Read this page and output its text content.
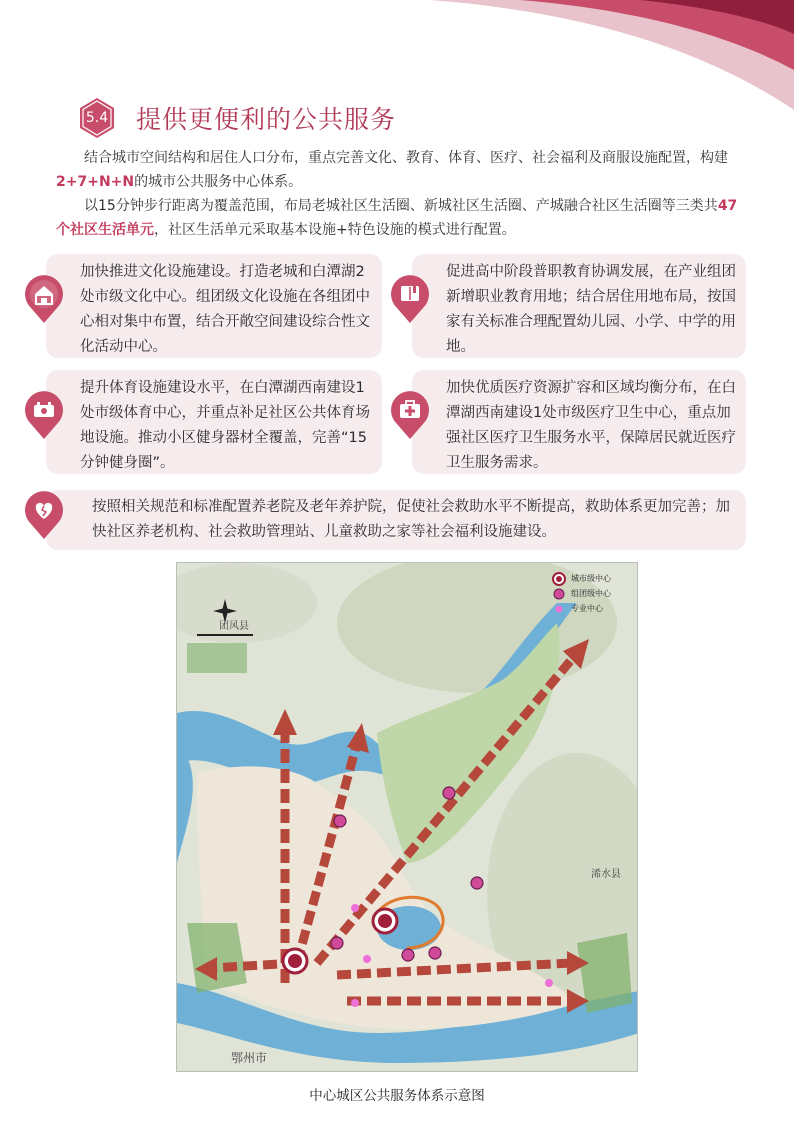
5.4	提供更便利的公共服务

结合城市空间结构和居住人口分布，重点完善文化、教育、体育、医疗、社会福利及商服设施配置，构建2+7+N+N的城市公共服务中心体系。

以15分钟步行距离为覆盖范围，布局老城社区生活圈、新城社区生活圈、产城融合社区生活圈等三类共47个社区生活单元，社区生活单元采取基本设施+特色设施的模式进行配置。

加快推进文化设施建设。打造老城和白潭湖2处市级文化中心。组团级文化设施在各组团中心相对集中布置，结合开敞空间建设综合性文化活动中心。
促进高中阶段普职教育协调发展，在产业组团新增职业教育用地；结合居住用地布局，按国家有关标准合理配置幼儿园、小学、中学的用地。
提升体育设施建设水平，在白潭湖西南建设1处市级体育中心，并重点补足社区公共体育场地设施。推动小区健身器材全覆盖，完善“15分钟健身圈”。
加快优质医疗资源扩容和区域均衡分布，在白潭湖西南建设1处市级医疗卫生中心，重点加强社区医疗卫生服务水平，保障居民就近医疗卫生服务需求。
按照相关规范和标准配置养老院及老年养护院，促使社会救助水平不断提高，救助体系更加完善；加快社区养老机构、社会救助管理站、儿童救助之家等社会福利设施建设。
城市级中心
组团级中心
专业中心
团风县
浠水县
鄂州市
中心城区公共服务体系示意图
